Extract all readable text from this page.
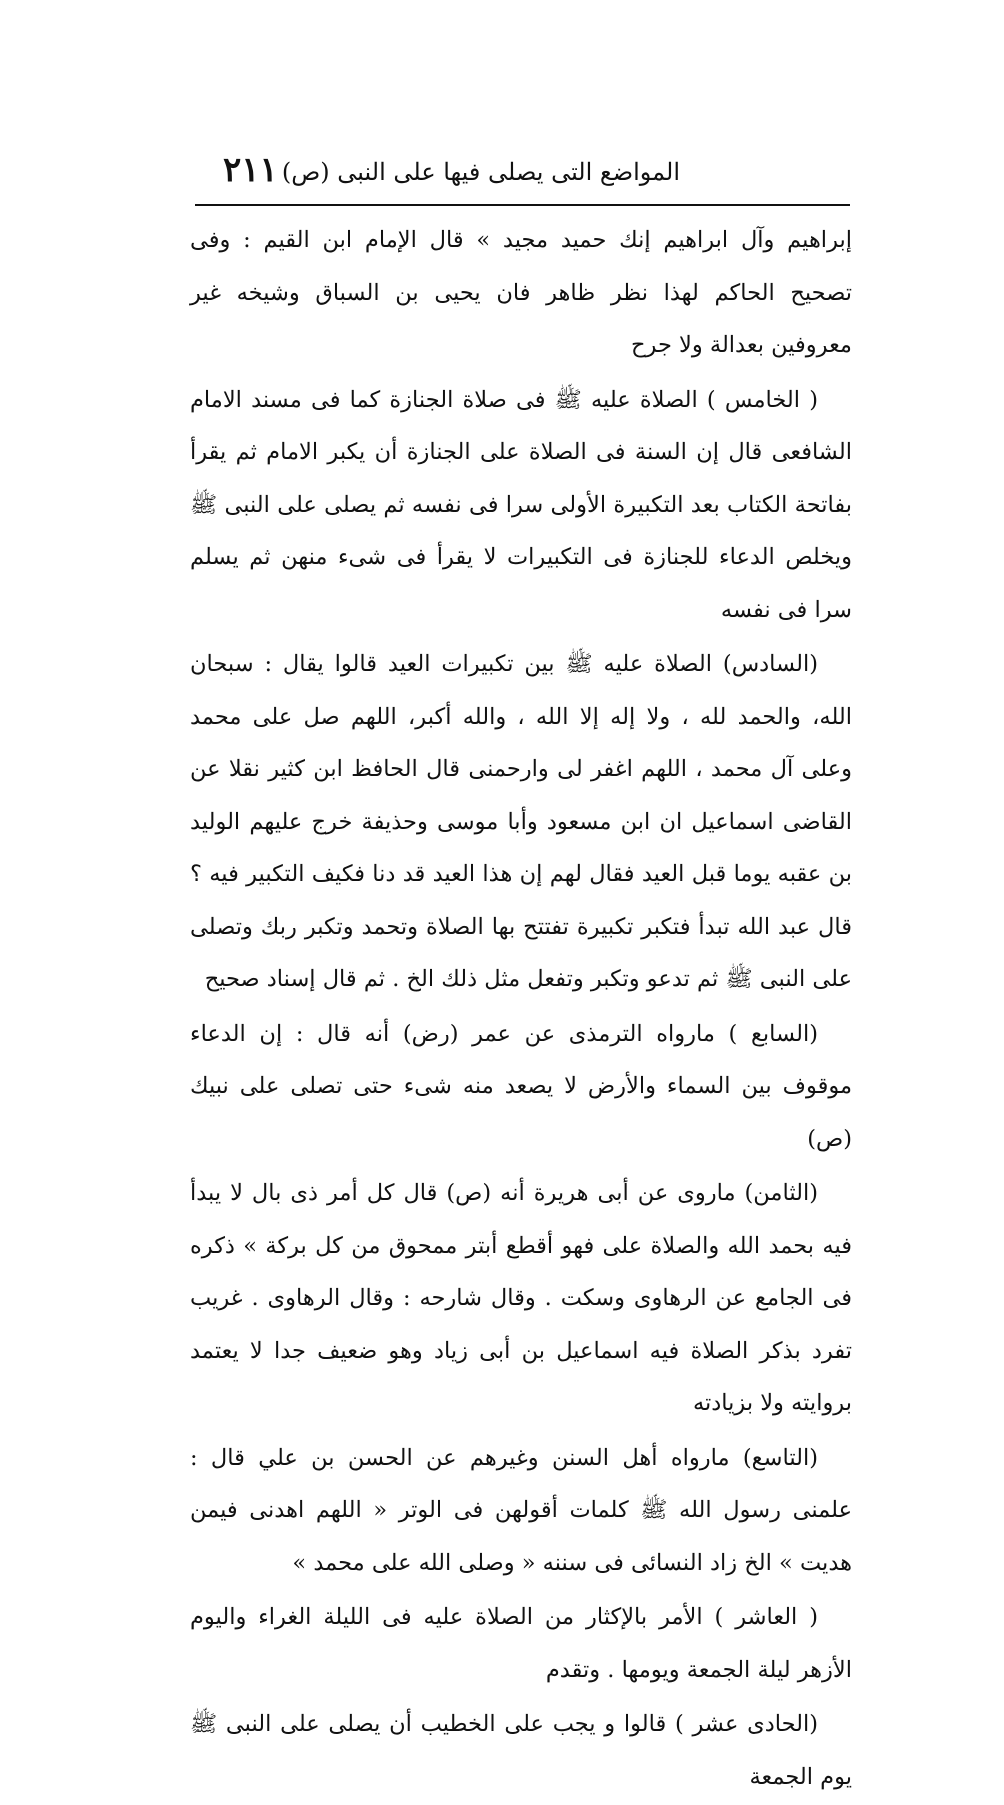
المواضع التى يصلى فيها على النبى (ص)
٢١١

إبراهيم وآل ابراهيم إنك حميد مجيد » قال الإمام ابن القيم : وفى تصحيح الحاكم لهذا نظر ظاهر فان يحيى بن السباق وشيخه غير معروفين بعدالة ولا جرح

( الخامس ) الصلاة عليه ﷺ فى صلاة الجنازة كما فى مسند الامام الشافعى قال إن السنة فى الصلاة على الجنازة أن يكبر الامام ثم يقرأ بفاتحة الكتاب بعد التكبيرة الأولى سرا فى نفسه ثم يصلى على النبى ﷺ ويخلص الدعاء للجنازة فى التكبيرات لا يقرأ فى شىء منهن ثم يسلم سرا فى نفسه

(السادس) الصلاة عليه ﷺ بين تكبيرات العيد قالوا يقال : سبحان الله، والحمد لله ، ولا إله إلا الله ، والله أكبر، اللهم صل على محمد وعلى آل محمد ، اللهم اغفر لى وارحمنى قال الحافظ ابن كثير نقلا عن القاضى اسماعيل ان ابن مسعود وأبا موسى وحذيفة خرج عليهم الوليد بن عقبه يوما قبل العيد فقال لهم إن هذا العيد قد دنا فكيف التكبير فيه ؟ قال عبد الله تبدأ فتكبر تكبيرة تفتتح بها الصلاة وتحمد وتكبر ربك وتصلى على النبى ﷺ ثم تدعو وتكبر وتفعل مثل ذلك الخ . ثم قال إسناد صحيح

(السابع ) مارواه الترمذى عن عمر (رض) أنه قال : إن الدعاء موقوف بين السماء والأرض لا يصعد منه شىء حتى تصلى على نبيك (ص)

(الثامن) ماروى عن أبى هريرة أنه (ص) قال كل أمر ذى بال لا يبدأ فيه بحمد الله والصلاة على فهو أقطع أبتر ممحوق من كل بركة » ذكره فى الجامع عن الرهاوى وسكت . وقال شارحه : وقال الرهاوى . غريب تفرد بذكر الصلاة فيه اسماعيل بن أبى زياد وهو ضعيف جدا لا يعتمد بروايته ولا بزيادته

(التاسع) مارواه أهل السنن وغيرهم عن الحسن بن علي قال : علمنى رسول الله ﷺ كلمات أقولهن فى الوتر « اللهم اهدنى فيمن هديت » الخ زاد النسائى فى سننه « وصلى الله على محمد »

( العاشر ) الأمر بالإكثار من الصلاة عليه فى الليلة الغراء واليوم الأزهر ليلة الجمعة ويومها . وتقدم

(الحادى عشر ) قالوا و يجب على الخطيب أن يصلى على النبى ﷺ يوم الجمعة
